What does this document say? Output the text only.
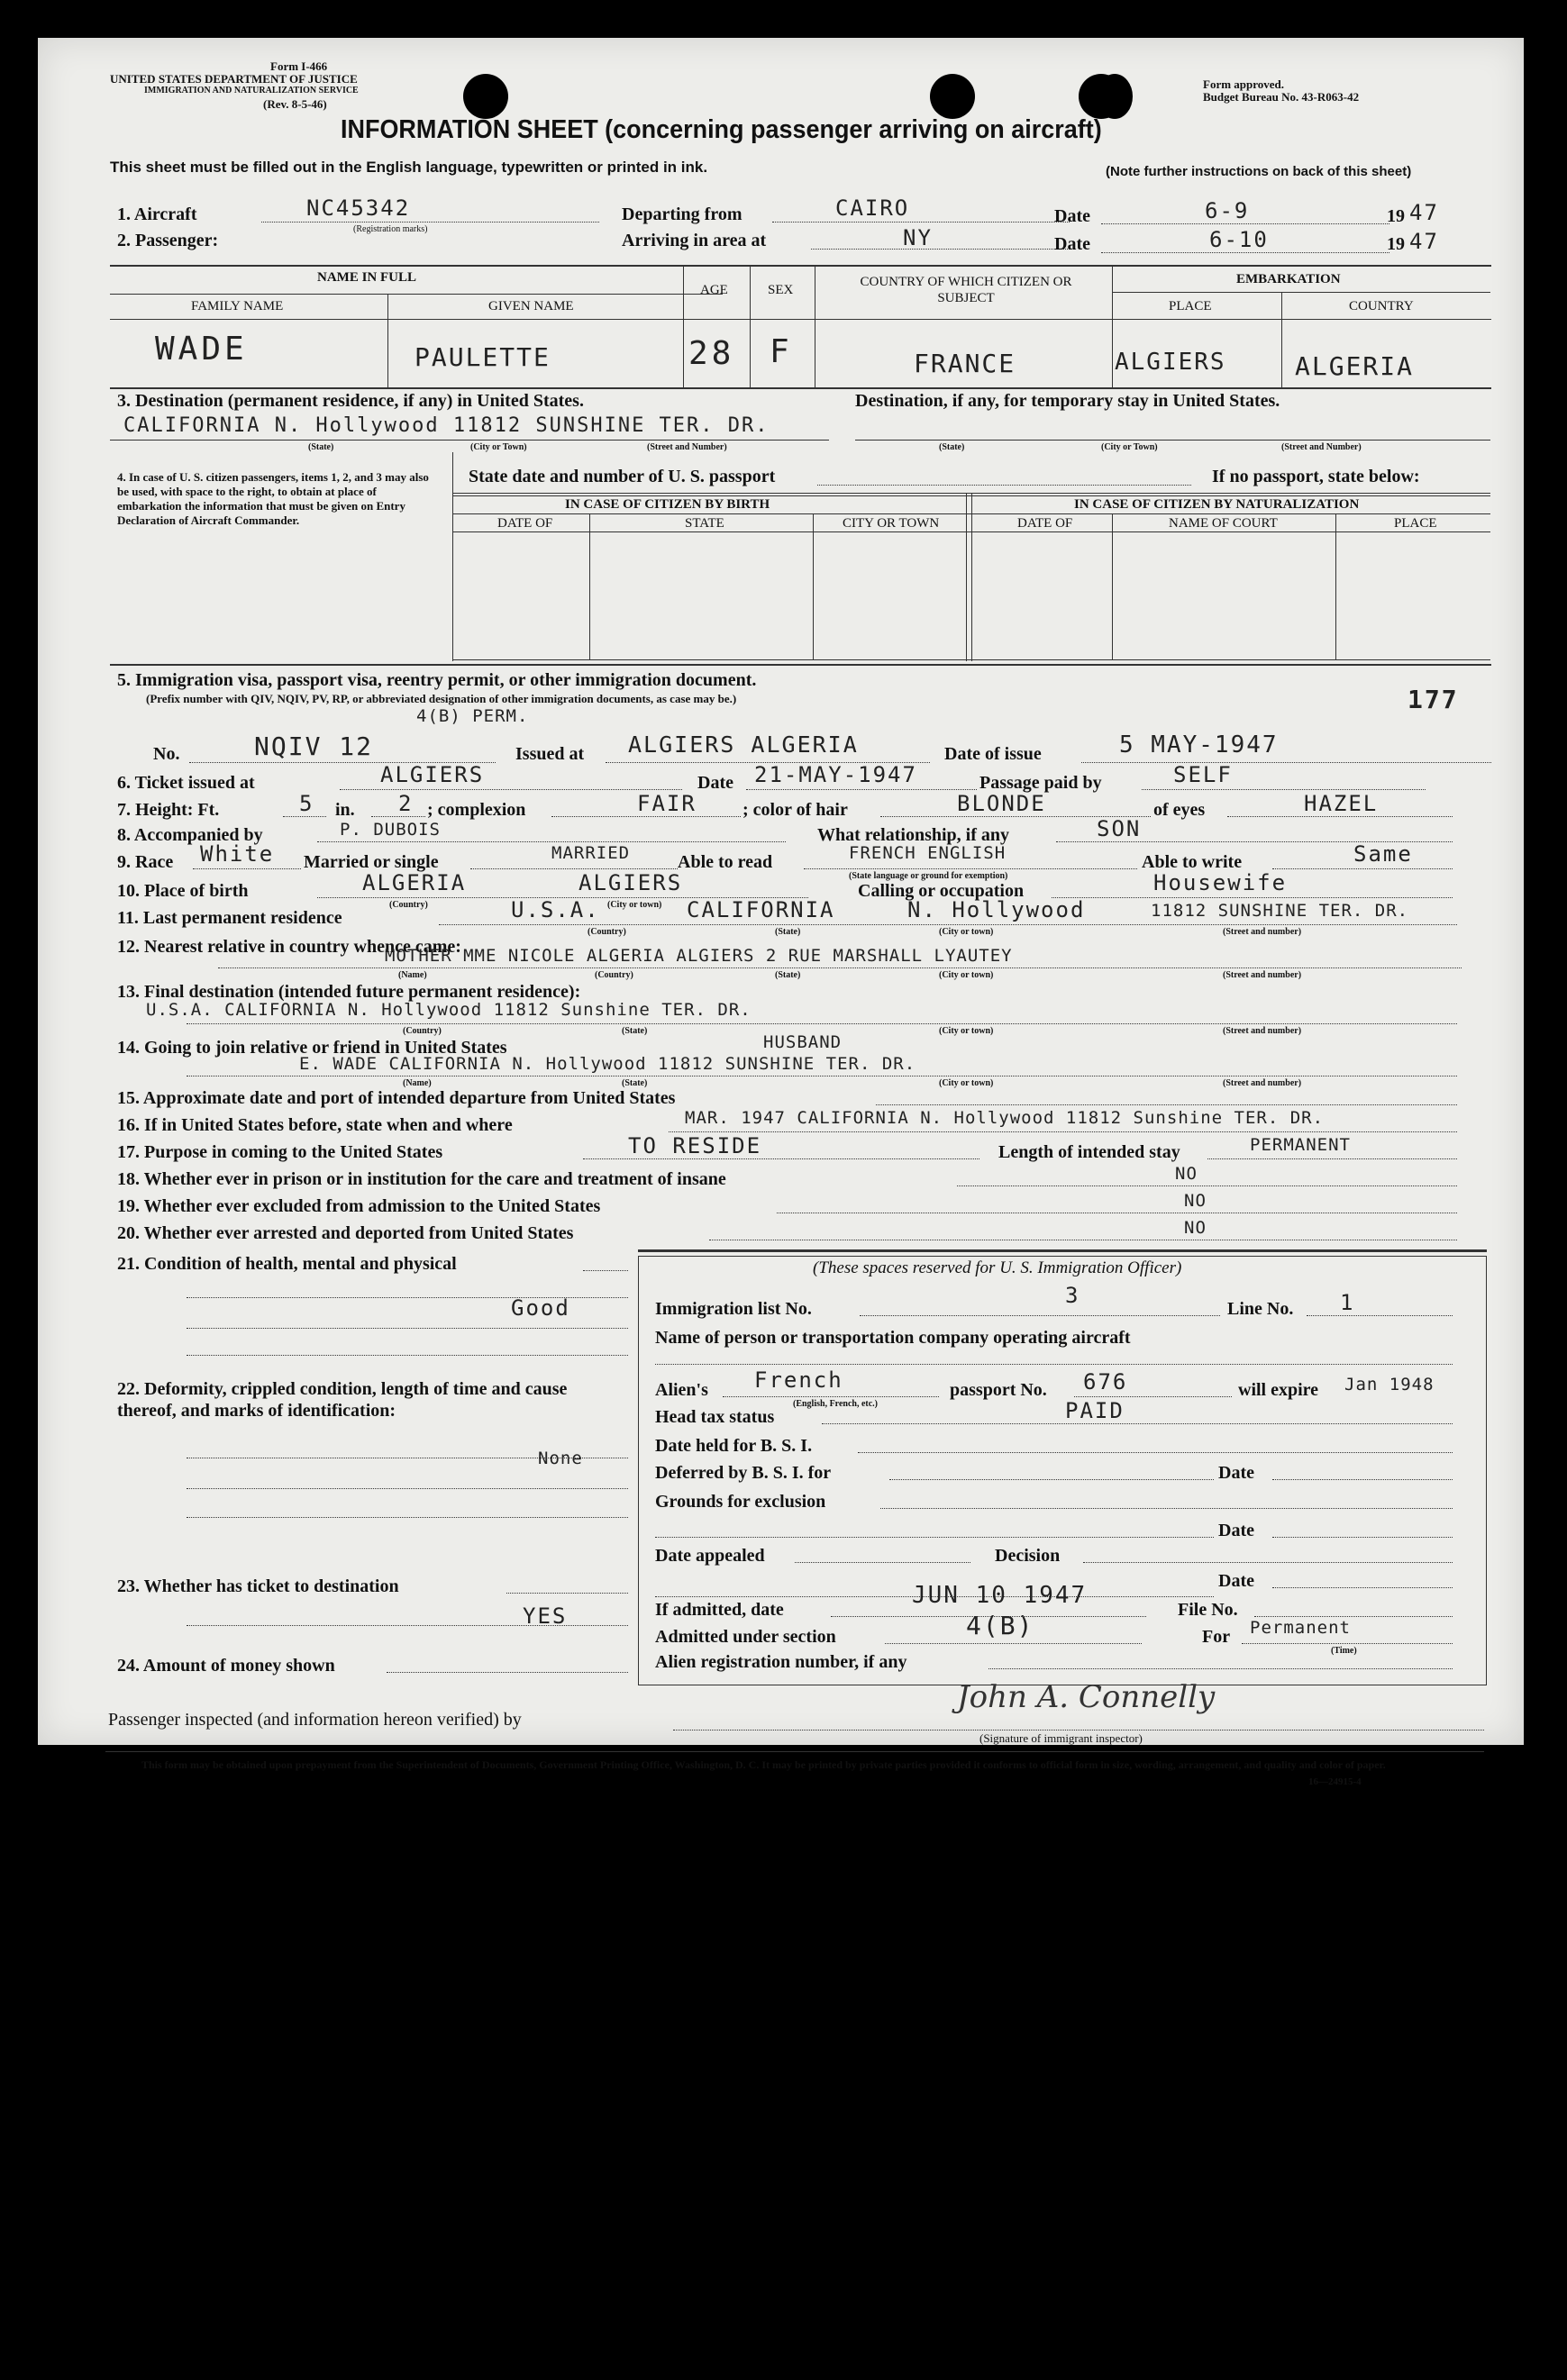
Form I-466
UNITED STATES DEPARTMENT OF JUSTICE
IMMIGRATION AND NATURALIZATION SERVICE
(Rev. 8-5-46)
Form approved.
Budget Bureau No. 43-R063-42
INFORMATION SHEET (concerning passenger arriving on aircraft)
This sheet must be filled out in the English language, typewritten or printed in ink.	(Note further instructions on back of this sheet)
1. Aircraft	NC45342
(Registration marks)
Departing from	CAIRO	Date	6-9	19 47
2. Passenger:	Arriving in area at	NY	Date	6-10	19 47
NAME IN FULL
FAMILY NAME	GIVEN NAME
AGE	SEX
COUNTRY OF WHICH CITIZEN OR SUBJECT
EMBARKATION
PLACE	COUNTRY
WADE	PAULETTE	28 F	FRANCE	ALGIERS	ALGERIA
3. Destination (permanent residence, if any) in United States.	Destination, if any, for temporary stay in United States.
CALIFORNIA N. Hollywood 11812 SUNSHINE TER. DR.
(State)	(City or Town)	(Street and Number)	(State)	(City or Town)	(Street and Number)
4. In case of U. S. citizen passengers, items 1, 2, and 3 may also be used, with space to the right, to obtain at place of embarkation the information that must be given on Entry Declaration of Aircraft Commander.
State date and number of U. S. passport	If no passport, state below:
IN CASE OF CITIZEN BY BIRTH	IN CASE OF CITIZEN BY NATURALIZATION
DATE OF	STATE	CITY OR TOWN	DATE OF	NAME OF COURT	PLACE
5. Immigration visa, passport visa, reentry permit, or other immigration document.
(Prefix number with QIV, NQIV, PV, RP, or abbreviated designation of other immigration documents, as case may be.)
4(B) PERM.
177
No.	NQIV 12	Issued at ALGIERS ALGERIA	Date of issue	5 MAY-1947
6. Ticket issued at	ALGIERS	Date 21-MAY-1947	Passage paid by	SELF
7. Height: Ft.	5 in. 2 ; complexion	FAIR	; color of hair	BLONDE	of eyes	HAZEL
8. Accompanied by	P. DUBOIS	What relationship, if any	SON
9. Race White Married or single	MARRIED	Able to read	FRENCH ENGLISH
(State language or ground for exemption)
Able to write	Same
10. Place of birth	ALGERIA	ALGIERS
(Country)	(City or town)
Calling or occupation	Housewife
11. Last permanent residence	U.S.A.	CALIFORNIA	N. Hollywood	11812 SUNSHINE TER. DR.
(Country)	(State)	(City or town)	(Street and number)
12. Nearest relative in country whence came:
MOTHER MME NICOLE ALGERIA ALGIERS 2 RUE MARSHALL LYAUTEY
(Name)	(Country)	(State)	(City or town)	(Street and number)
13. Final destination (intended future permanent residence):
U.S.A. CALIFORNIA N. Hollywood 11812 Sunshine TER. DR.
(Country)	(State)	(City or town)	(Street and number)
14. Going to join relative or friend in United States	HUSBAND
E. WADE CALIFORNIA N. Hollywood 11812 SUNSHINE TER. DR.
(Name)	(State)	(City or town)	(Street and number)
15. Approximate date and port of intended departure from United States
16. If in United States before, state when and where	MAR. 1947 CALIFORNIA N. Hollywood 11812 Sunshine TER. DR.
17. Purpose in coming to the United States	TO RESIDE	Length of intended stay	PERMANENT
18. Whether ever in prison or in institution for the care and treatment of insane	NO
19. Whether ever excluded from admission to the United States	NO
20. Whether ever arrested and deported from United States	NO
21. Condition of health, mental and physical
Good
22. Deformity, crippled condition, length of time and cause thereof, and marks of identification:
None
23. Whether has ticket to destination
YES
24. Amount of money shown
(These spaces reserved for U. S. Immigration Officer)
Immigration list No.
3
Line No. 1
Name of person or transportation company operating aircraft
Alien's French
(English, French, etc.)
passport No. 676	will expire Jan 1948
Head tax status	PAID
Date held for B. S. I.
Deferred by B. S. I. for	Date
Grounds for exclusion
Date
Date appealed	Decision
Date
If admitted, date
JUN 10 1947
File No.
Admitted under section	4(B)	For Permanent
(Time)
Alien registration number, if any
Passenger inspected (and information hereon verified) by
John A. Connelly
(Signature of immigrant inspector)
This form may be obtained upon prepayment from the Superintendent of Documents, Government Printing Office, Washington, D. C. It may be printed by private parties provided it conforms to official form in size, wording, arrangement, and quality and color of paper.
16—24915-4
